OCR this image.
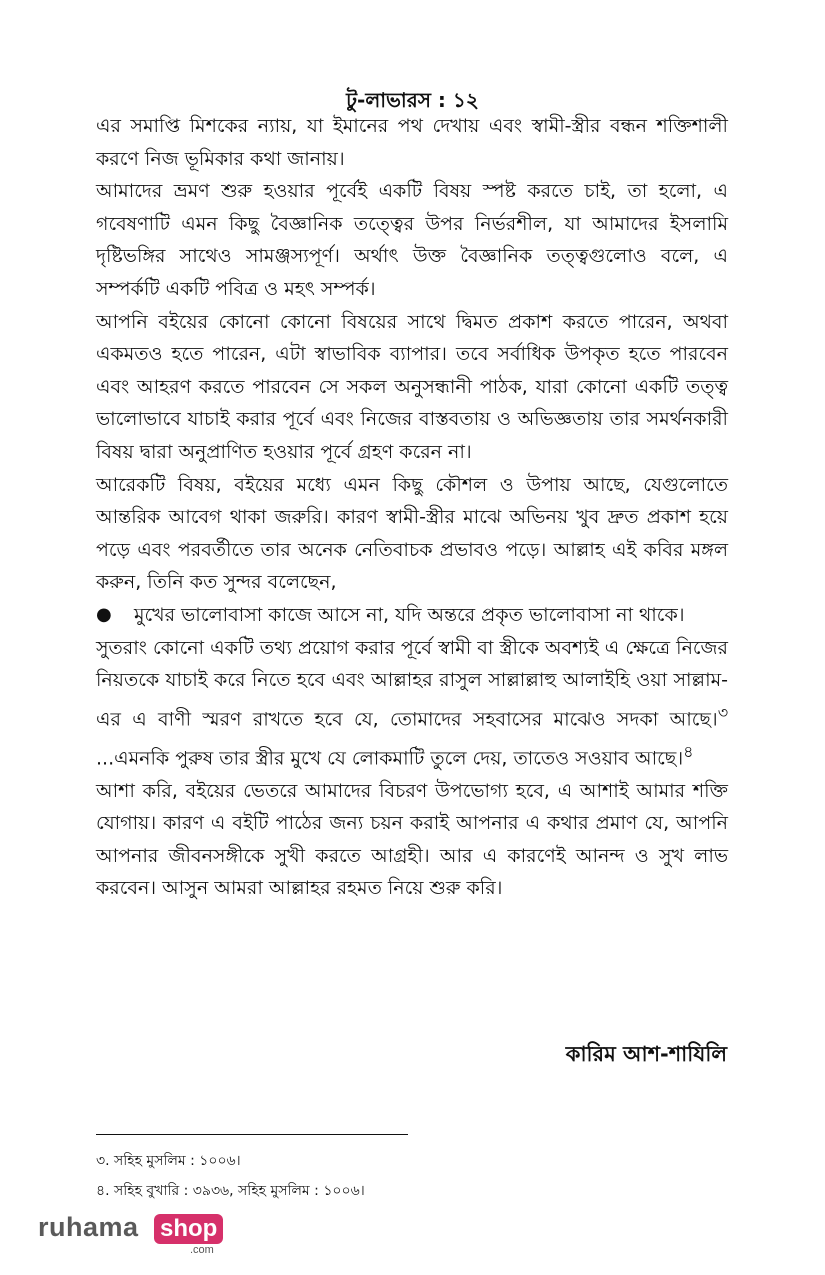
টু-লাভারস : ১২

এর সমাপ্তি মিশকের ন্যায়, যা ইমানের পথ দেখায় এবং স্বামী-স্ত্রীর বন্ধন শক্তিশালী করণে নিজ ভূমিকার কথা জানায়।

আমাদের ভ্রমণ শুরু হওয়ার পূর্বেই একটি বিষয় স্পষ্ট করতে চাই, তা হলো, এ গবেষণাটি এমন কিছু বৈজ্ঞানিক তত্ত্বের উপর নির্ভরশীল, যা আমাদের ইসলামি দৃষ্টিভঙ্গির সাথেও সামঞ্জস্যপূর্ণ। অর্থাৎ উক্ত বৈজ্ঞানিক তত্ত্বগুলোও বলে, এ সম্পর্কটি একটি পবিত্র ও মহৎ সম্পর্ক।

আপনি বইয়ের কোনো কোনো বিষয়ের সাথে দ্বিমত প্রকাশ করতে পারেন, অথবা একমতও হতে পারেন, এটা স্বাভাবিক ব্যাপার। তবে সর্বাধিক উপকৃত হতে পারবেন এবং আহরণ করতে পারবেন সে সকল অনুসন্ধানী পাঠক, যারা কোনো একটি তত্ত্ব ভালোভাবে যাচাই করার পূর্বে এবং নিজের বাস্তবতায় ও অভিজ্ঞতায় তার সমর্থনকারী বিষয় দ্বারা অনুপ্রাণিত হওয়ার পূর্বে গ্রহণ করেন না।

আরেকটি বিষয়, বইয়ের মধ্যে এমন কিছু কৌশল ও উপায় আছে, যেগুলোতে আন্তরিক আবেগ থাকা জরুরি। কারণ স্বামী-স্ত্রীর মাঝে অভিনয় খুব দ্রুত প্রকাশ হয়ে পড়ে এবং পরবর্তীতে তার অনেক নেতিবাচক প্রভাবও পড়ে। আল্লাহ এই কবির মঙ্গল করুন, তিনি কত সুন্দর বলেছেন,

●	মুখের ভালোবাসা কাজে আসে না, যদি অন্তরে প্রকৃত ভালোবাসা না থাকে।

সুতরাং কোনো একটি তথ্য প্রয়োগ করার পূর্বে স্বামী বা স্ত্রীকে অবশ্যই এ ক্ষেত্রে নিজের নিয়তকে যাচাই করে নিতে হবে এবং আল্লাহর রাসুল সাল্লাল্লাহু আলাইহি ওয়া সাল্লাম-এর এ বাণী স্মরণ রাখতে হবে যে, তোমাদের সহবাসের মাঝেও সদকা আছে।$^৩$ ...এমনকি পুরুষ তার স্ত্রীর মুখে যে লোকমাটি তুলে দেয়, তাতেও সওয়াব আছে।$^৪$

আশা করি, বইয়ের ভেতরে আমাদের বিচরণ উপভোগ্য হবে, এ আশাই আমার শক্তি যোগায়। কারণ এ বইটি পাঠের জন্য চয়ন করাই আপনার এ কথার প্রমাণ যে, আপনি আপনার জীবনসঙ্গীকে সুখী করতে আগ্রহী। আর এ কারণেই আনন্দ ও সুখ লাভ করবেন। আসুন আমরা আল্লাহর রহমত নিয়ে শুরু করি।

কারিম আশ-শাযিলি

৩. সহিহ মুসলিম : ১০০৬।

৪. সহিহ বুখারি : ৩৯৩৬, সহিহ মুসলিম : ১০০৬।

ruhama shop
.com
